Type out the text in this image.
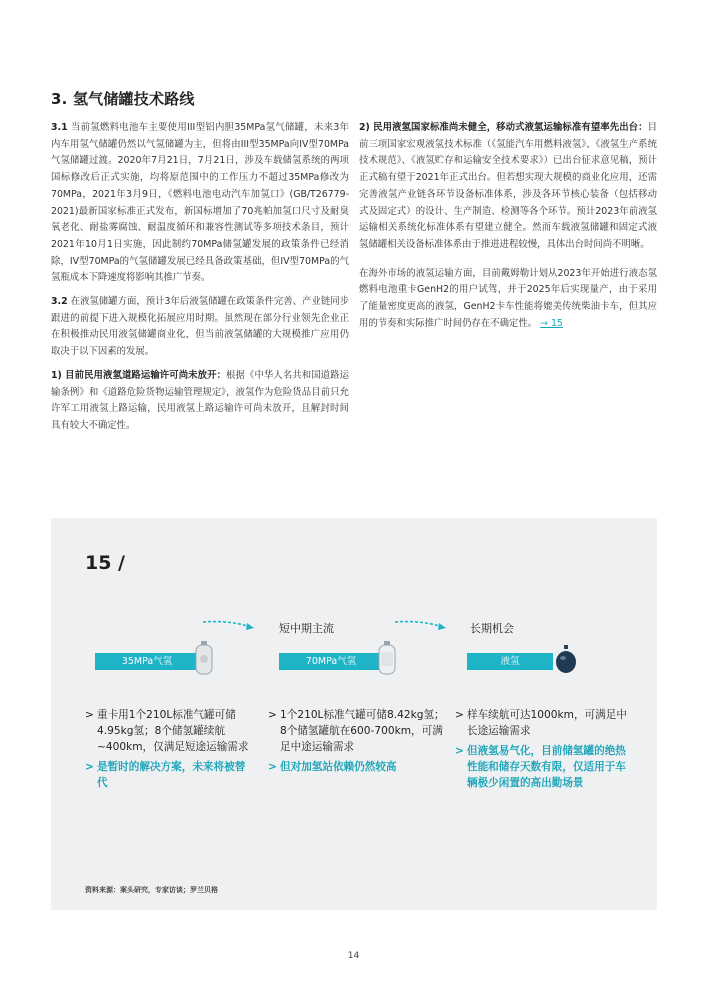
3. 氢气储罐技术路线

3.1 当前氢燃料电池车主要使用III型铝内胆35MPa氢气储罐，未来3年内车用氢气储罐仍然以气氢储罐为主，但将由III型35MPa向IV型70MPa气氢储罐过渡。2020年7月21日，7月21日，涉及车载储氢系统的两项国标修改后正式实施，均将原范围中的工作压力不超过35MPa修改为70MPa，2021年3月9日，《燃料电池电动汽车加氢口》(GB/T26779-2021)最新国家标准正式发布，新国标增加了70兆帕加氢口尺寸及耐臭氧老化、耐盐雾腐蚀、耐温度循环和兼容性测试等多项技术条目，预计2021年10月1日实施，因此制约70MPa储氢罐发展的政策条件已经消除，IV型70MPa的气氢储罐发展已经具备政策基础，但IV型70MPa的气氢瓶成本下降速度将影响其推广节奏。

3.2 在液氢储罐方面，预计3年后液氢储罐在政策条件完善、产业链同步跟进的前提下进入规模化拓展应用时期。虽然现在部分行业领先企业正在积极推动民用液氢储罐商业化，但当前液氢储罐的大规模推广应用仍取决于以下因素的发展。

1) 目前民用液氢道路运输许可尚未放开：根据《中华人名共和国道路运输条例》和《道路危险货物运输管理规定》，液氢作为危险货品目前只允许军工用液氢上路运输，民用液氢上路运输许可尚未放开，且解封时间具有较大不确定性。

2) 民用液氢国家标准尚未健全，移动式液氢运输标准有望率先出台：目前三项国家宏观液氢技术标准（《氢能汽车用燃料液氢》、《液氢生产系统技术规范》、《液氢贮存和运输安全技术要求》）已出台征求意见稿，预计正式稿有望于2021年正式出台。但若想实现大规模的商业化应用，还需完善液氢产业链各环节设备标准体系，涉及各环节核心装备（包括移动式及固定式）的设计、生产制造、检测等各个环节。预计2023年前液氢运输相关系统化标准体系有望建立健全。然而车载液氢储罐和固定式液氢储罐相关设备标准体系由于推进进程较慢，具体出台时间尚不明晰。

在海外市场的液氢运输方面，目前戴姆勒计划从2023年开始进行液态氢燃料电池重卡GenH2的用户试驾，并于2025年后实现量产，由于采用了能量密度更高的液氢，GenH2卡车性能将媲美传统柴油卡车，但其应用的节奏和实际推广时间仍存在不确定性。 → 15

15 /
短中期主流	长期机会
35MPa气氢	70MPa气氢	液氢
> 重卡用1个210L标准气罐可储4.95kg氢；8个储氢罐续航~400km，仅满足短途运输需求
> 是暂时的解决方案，未来将被替代
> 1个210L标准气罐可储8.42kg氢；8个储氢罐航在600-700km，可满足中途运输需求
> 但对加氢站依赖仍然较高
> 样车续航可达1000km，可满足中长途运输需求
> 但液氢易气化，目前储氢罐的绝热性能和储存天数有限，仅适用于车辆极少闲置的高出勤场景
资料来源：案头研究，专家访谈；罗兰贝格
14
